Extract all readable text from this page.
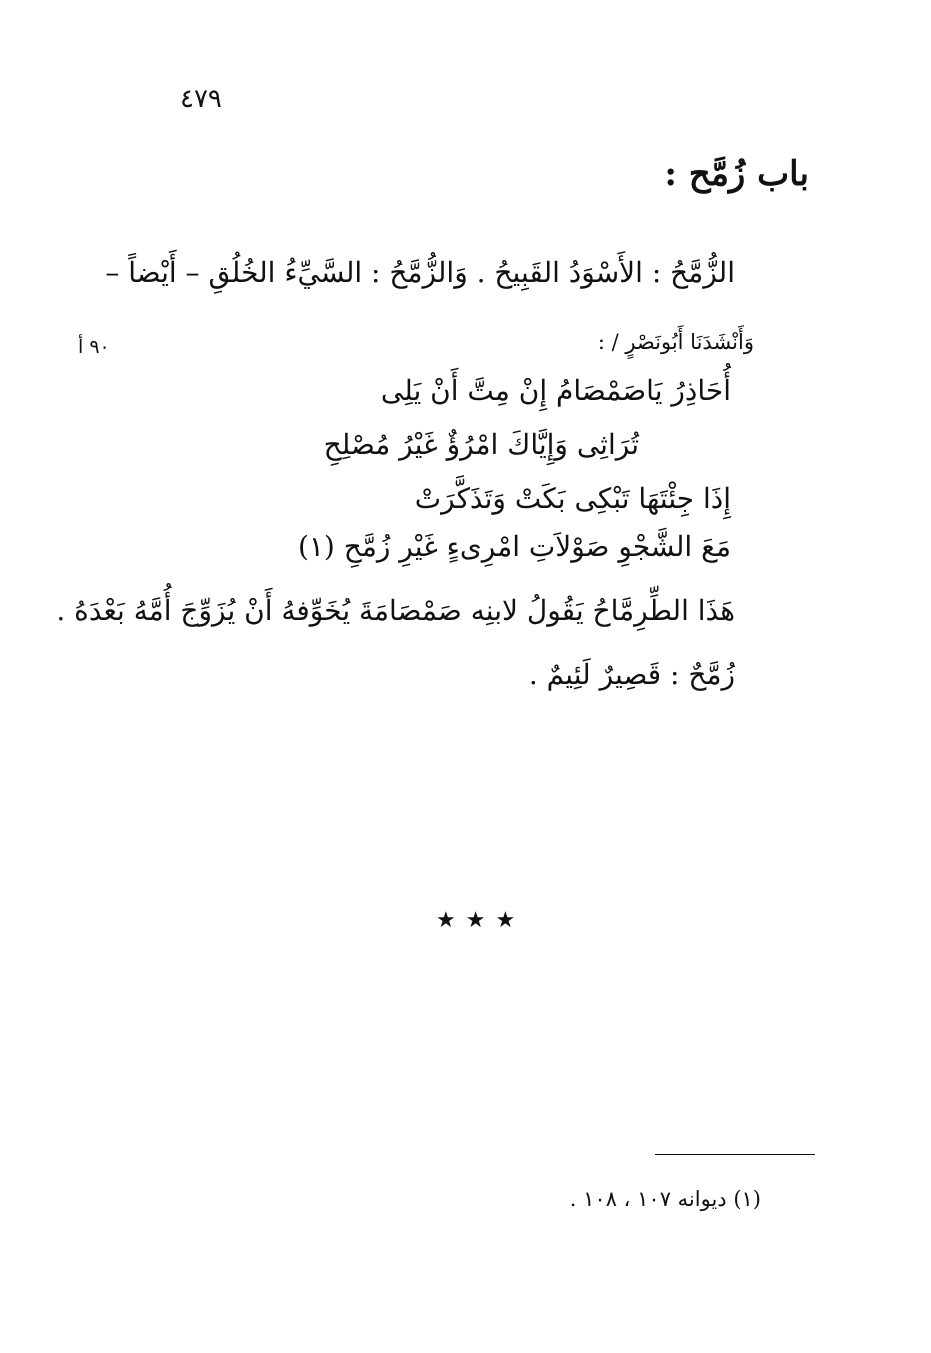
٤٧٩
باب زُمَّح :
الزُّمَّحُ : الأَسْوَدُ القَبِيحُ . وَالزُّمَّحُ : السَّيِّءُ الخُلُقِ – أَيْضاً –
وَأَنْشَدَنَا أَبُونَصْرٍ / :
٩٠ أ
أُحَاذِرُ يَاصَمْصَامُ إِنْ مِتَّ أَنْ يَلِى
تُرَاثِى وَإِيَّاكَ امْرُؤٌ غَيْرُ مُصْلِحِ
إِذَا جِئْتَهَا تَبْكِى بَكَتْ وَتَذَكَّرَتْ
مَعَ الشَّجْوِ صَوْلاَتِ امْرِىءٍ غَيْرِ زُمَّحِ (١)
هَذَا الطِّرِمَّاحُ يَقُولُ لابنِه صَمْصَامَةَ يُخَوِّفهُ أَنْ يُزَوِّجَ أُمَّهُ بَعْدَهُ .
زُمَّحٌ : قَصِيرٌ لَئِيمٌ .
★★★
(١) ديوانه ١٠٧ ، ١٠٨ .
